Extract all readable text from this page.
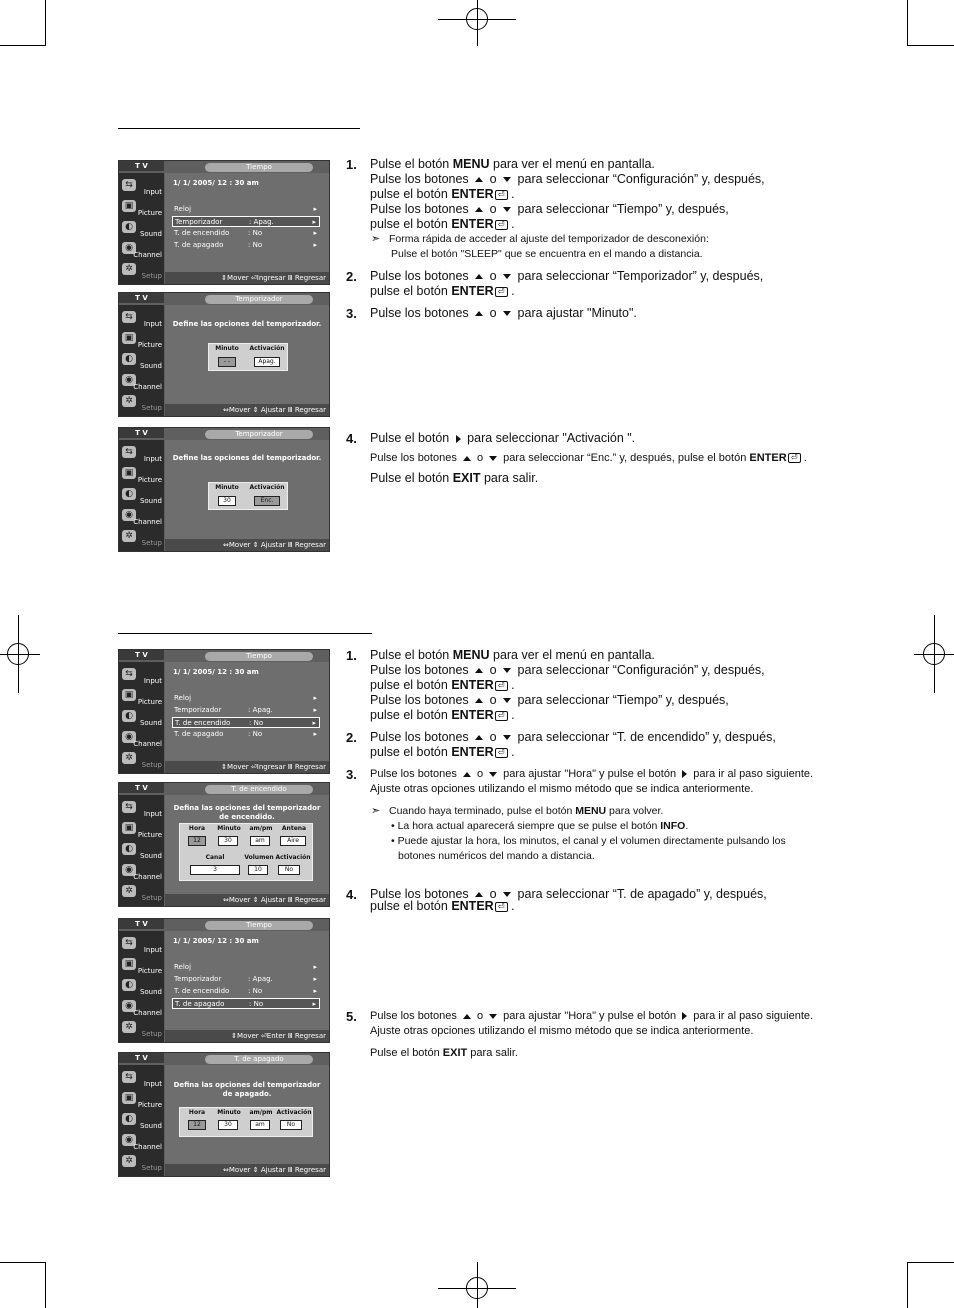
T V	Tiempo
⇆
Input
▣
Picture
◐
Sound
◉
Channel
✲
Setup
1/ 1/ 2005/ 12 : 30 am
Reloj	▸
Temporizador	: Apag.	▸
T. de encendido	: No	▸
T. de apagado	: No	▸
⇕Mover ⏎Ingresar Ⅲ Regresar
T V	Temporizador
⇆
Input
▣
Picture
◐
Sound
◉
Channel
✲
Setup
Define las opciones del temporizador.
Minuto	Activación
- -	Apag.
⇔Mover ⇕ Ajustar Ⅲ Regresar
T V	Temporizador
⇆
Input
▣
Picture
◐
Sound
◉
Channel
✲
Setup
Define las opciones del temporizador.
Minuto	Activación
30	Enc.
⇔Mover ⇕ Ajustar Ⅲ Regresar
T V	Tiempo
⇆
Input
▣
Picture
◐
Sound
◉
Channel
✲
Setup
1/ 1/ 2005/ 12 : 30 am
Reloj	▸
Temporizador	: Apag.	▸
T. de encendido	: No	▸
T. de apagado	: No	▸
⇕Mover ⏎Ingresar Ⅲ Regresar
T V	T. de encendido
⇆
Input
▣
Picture
◐
Sound
◉
Channel
✲
Setup
Defina las opciones del temporizador de encendido.
Hora	Minuto	am/pm	Antena
12	30	am	Aire
Canal	Volumen Activación
3	10	No
⇔Mover ⇕ Ajustar Ⅲ Regresar
T V	Tiempo
⇆
Input
▣
Picture
◐
Sound
◉
Channel
✲
Setup
1/ 1/ 2005/ 12 : 30 am
Reloj	▸
Temporizador	: Apag.	▸
T. de encendido	: No	▸
T. de apagado	: No	▸
⇕Mover ⏎Enter Ⅲ Regresar
T V	T. de apagado
⇆
Input
▣
Picture
◐
Sound
◉
Channel
✲
Setup
Defina las opciones del temporizador de apagado.
Hora	Minuto	am/pm Activación
12	30	am	No
⇔Mover ⇕ Ajustar Ⅲ Regresar
1. Pulse el botón MENU para ver el menú en pantalla.
Pulse los botones  o  para seleccionar “Configuración” y, después,
pulse el botón ENTER ⏎ .
Pulse los botones  o  para seleccionar “Tiempo” y, después,
pulse el botón ENTER ⏎ .
➣ Forma rápida de acceder al ajuste del temporizador de desconexión:
Pulse el botón "SLEEP" que se encuentra en el mando a distancia.
2. Pulse los botones  o  para seleccionar “Temporizador” y, después,
pulse el botón ENTER ⏎ .
3. Pulse los botones  o  para ajustar "Minuto".
4. Pulse el botón  para seleccionar "Activación ".
Pulse los botones  o  para seleccionar “Enc.” y, después, pulse el botón ENTER ⏎ .
Pulse el botón EXIT para salir.
1. Pulse el botón MENU para ver el menú en pantalla.
Pulse los botones  o  para seleccionar “Configuración” y, después,
pulse el botón ENTER ⏎ .
Pulse los botones  o  para seleccionar “Tiempo” y, después,
pulse el botón ENTER ⏎ .
2. Pulse los botones  o  para seleccionar “T. de encendido” y, después,
pulse el botón ENTER ⏎ .
3. Pulse los botones  o  para ajustar "Hora" y pulse el botón  para ir al paso siguiente.
Ajuste otras opciones utilizando el mismo método que se indica anteriormente.
➣ Cuando haya terminado, pulse el botón MENU para volver.
• La hora actual aparecerá siempre que se pulse el botón INFO.
• Puede ajustar la hora, los minutos, el canal y el volumen directamente pulsando los
botones numéricos del mando a distancia.
4. Pulse los botones  o  para seleccionar “T. de apagado” y, después,
pulse el botón ENTER ⏎ .
5. Pulse los botones  o  para ajustar "Hora" y pulse el botón  para ir al paso siguiente.
Ajuste otras opciones utilizando el mismo método que se indica anteriormente.
Pulse el botón EXIT para salir.
